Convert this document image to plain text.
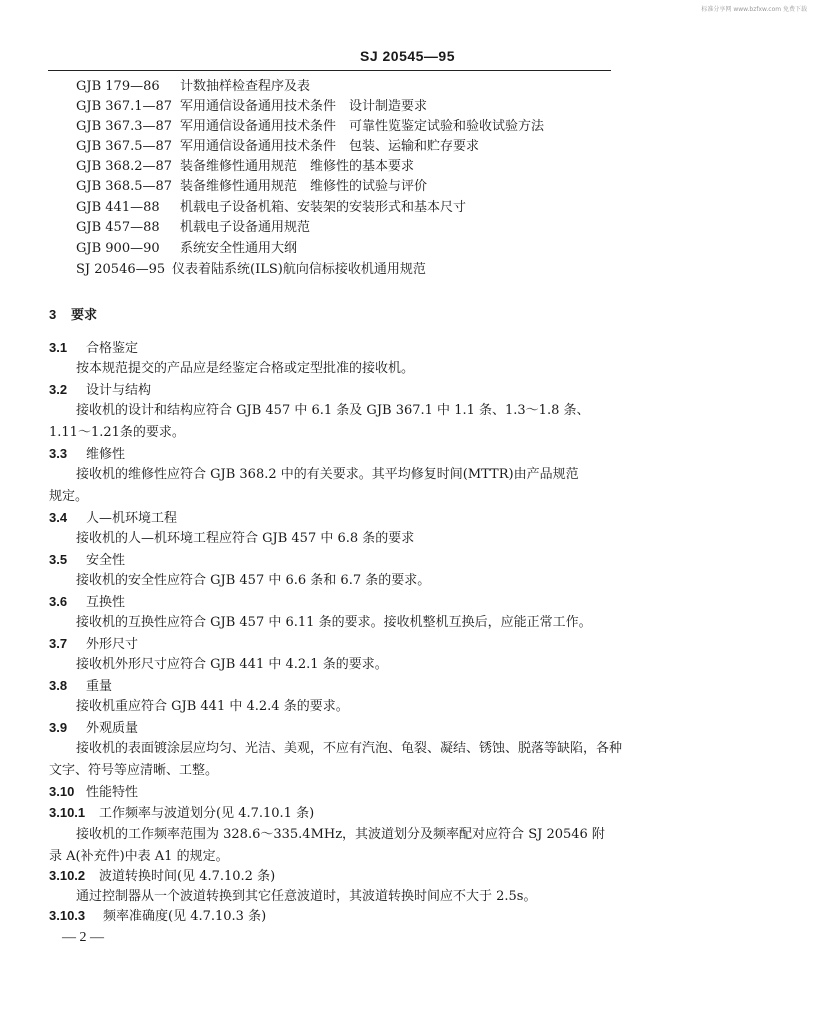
标准分享网 www.bzfxw.com 免费下载
SJ 20545—95
GJB 179—86 计数抽样检查程序及表
GJB 367.1—87 军用通信设备通用技术条件　设计制造要求
GJB 367.3—87 军用通信设备通用技术条件　可靠性览鉴定试验和验收试验方法
GJB 367.5—87 军用通信设备通用技术条件　包装、运输和贮存要求
GJB 368.2—87 装备维修性通用规范　维修性的基本要求
GJB 368.5—87 装备维修性通用规范　维修性的试验与评价
GJB 441—88 机载电子设备机箱、安装架的安装形式和基本尺寸
GJB 457—88 机载电子设备通用规范
GJB 900—90 系统安全性通用大纲
SJ 20546—95 仪表着陆系统(ILS)航向信标接收机通用规范
3 要求
3.1 合格鉴定
按本规范提交的产品应是经鉴定合格或定型批准的接收机。
3.2 设计与结构
接收机的设计和结构应符合 GJB 457 中 6.1 条及 GJB 367.1 中 1.1 条、1.3～1.8 条、
1.11～1.21条的要求。
3.3 维修性
接收机的维修性应符合 GJB 368.2 中的有关要求。其平均修复时间(MTTR)由产品规范
规定。
3.4 人—机环境工程
接收机的人—机环境工程应符合 GJB 457 中 6.8 条的要求
3.5 安全性
接收机的安全性应符合 GJB 457 中 6.6 条和 6.7 条的要求。
3.6 互换性
接收机的互换性应符合 GJB 457 中 6.11 条的要求。接收机整机互换后，应能正常工作。
3.7 外形尺寸
接收机外形尺寸应符合 GJB 441 中 4.2.1 条的要求。
3.8 重量
接收机重应符合 GJB 441 中 4.2.4 条的要求。
3.9 外观质量
接收机的表面镀涂层应均匀、光洁、美观，不应有汽泡、龟裂、凝结、锈蚀、脱落等缺陷，各种
文字、符号等应清晰、工整。
3.10 性能特性
3.10.1 工作频率与波道划分(见 4.7.10.1 条)
接收机的工作频率范围为 328.6～335.4MHz，其波道划分及频率配对应符合 SJ 20546 附
录 A(补充件)中表 A1 的规定。
3.10.2 波道转换时间(见 4.7.10.2 条)
通过控制器从一个波道转换到其它任意波道时，其波道转换时间应不大于 2.5s。
3.10.3 频率准确度(见 4.7.10.3 条)
— 2 —
